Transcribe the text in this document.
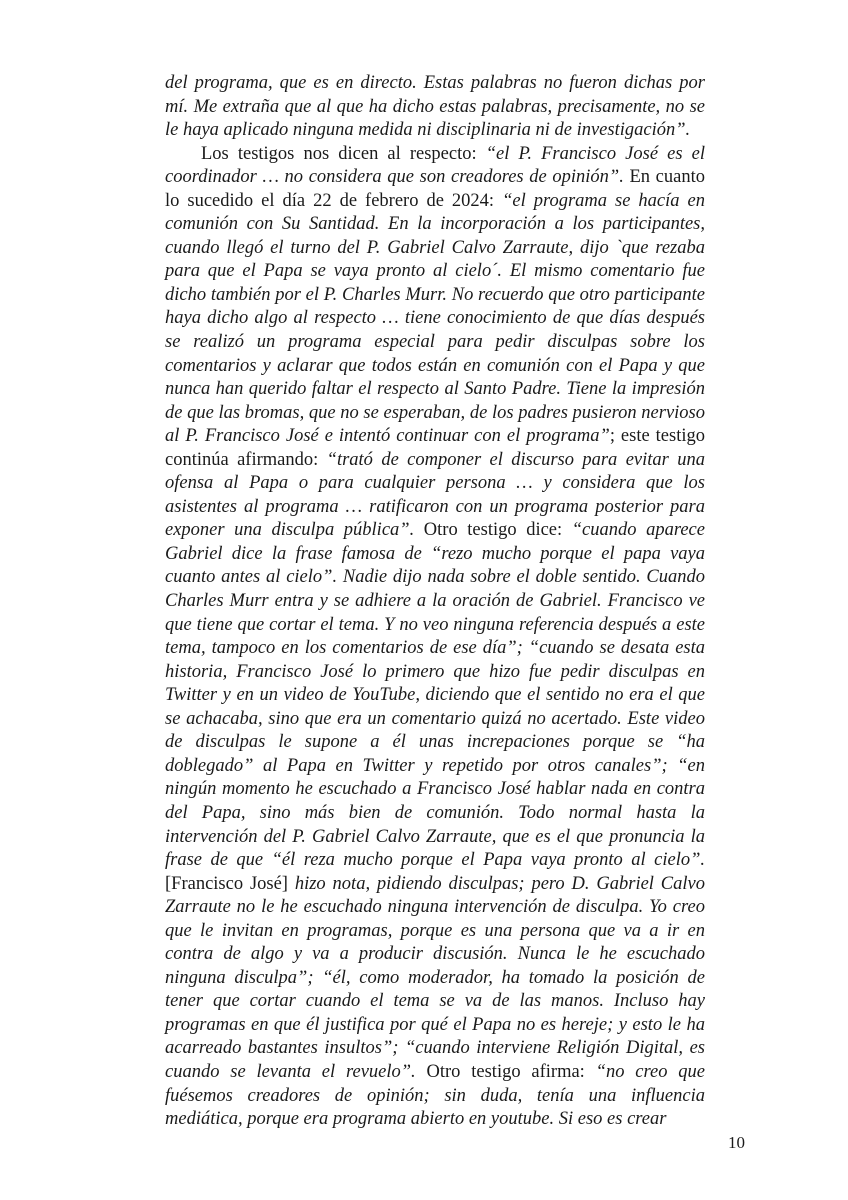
del programa, que es en directo. Estas palabras no fueron dichas por mí. Me extraña que al que ha dicho estas palabras, precisamente, no se le haya aplicado ninguna medida ni disciplinaria ni de investigación”.

Los testigos nos dicen al respecto: “el P. Francisco José es el coordinador … no considera que son creadores de opinión”. En cuanto lo sucedido el día 22 de febrero de 2024: “el programa se hacía en comunión con Su Santidad. En la incorporación a los participantes, cuando llegó el turno del P. Gabriel Calvo Zarraute, dijo `que rezaba para que el Papa se vaya pronto al cielo´. El mismo comentario fue dicho también por el P. Charles Murr. No recuerdo que otro participante haya dicho algo al respecto … tiene conocimiento de que días después se realizó un programa especial para pedir disculpas sobre los comentarios y aclarar que todos están en comunión con el Papa y que nunca han querido faltar el respecto al Santo Padre. Tiene la impresión de que las bromas, que no se esperaban, de los padres pusieron nervioso al P. Francisco José e intentó continuar con el programa”; este testigo continúa afirmando: “trató de componer el discurso para evitar una ofensa al Papa o para cualquier persona … y considera que los asistentes al programa … ratificaron con un programa posterior para exponer una disculpa pública”. Otro testigo dice: “cuando aparece Gabriel dice la frase famosa de “rezo mucho porque el papa vaya cuanto antes al cielo”. Nadie dijo nada sobre el doble sentido. Cuando Charles Murr entra y se adhiere a la oración de Gabriel. Francisco ve que tiene que cortar el tema. Y no veo ninguna referencia después a este tema, tampoco en los comentarios de ese día”; “cuando se desata esta historia, Francisco José lo primero que hizo fue pedir disculpas en Twitter y en un video de YouTube, diciendo que el sentido no era el que se achacaba, sino que era un comentario quizá no acertado. Este video de disculpas le supone a él unas increpaciones porque se “ha doblegado” al Papa en Twitter y repetido por otros canales”; “en ningún momento he escuchado a Francisco José hablar nada en contra del Papa, sino más bien de comunión. Todo normal hasta la intervención del P. Gabriel Calvo Zarraute, que es el que pronuncia la frase de que “él reza mucho porque el Papa vaya pronto al cielo”. [Francisco José] hizo nota, pidiendo disculpas; pero D. Gabriel Calvo Zarraute no le he escuchado ninguna intervención de disculpa. Yo creo que le invitan en programas, porque es una persona que va a ir en contra de algo y va a producir discusión. Nunca le he escuchado ninguna disculpa”; “él, como moderador, ha tomado la posición de tener que cortar cuando el tema se va de las manos. Incluso hay programas en que él justifica por qué el Papa no es hereje; y esto le ha acarreado bastantes insultos”; “cuando interviene Religión Digital, es cuando se levanta el revuelo”. Otro testigo afirma: “no creo que fuésemos creadores de opinión; sin duda, tenía una influencia mediática, porque era programa abierto en youtube. Si eso es crear

10
